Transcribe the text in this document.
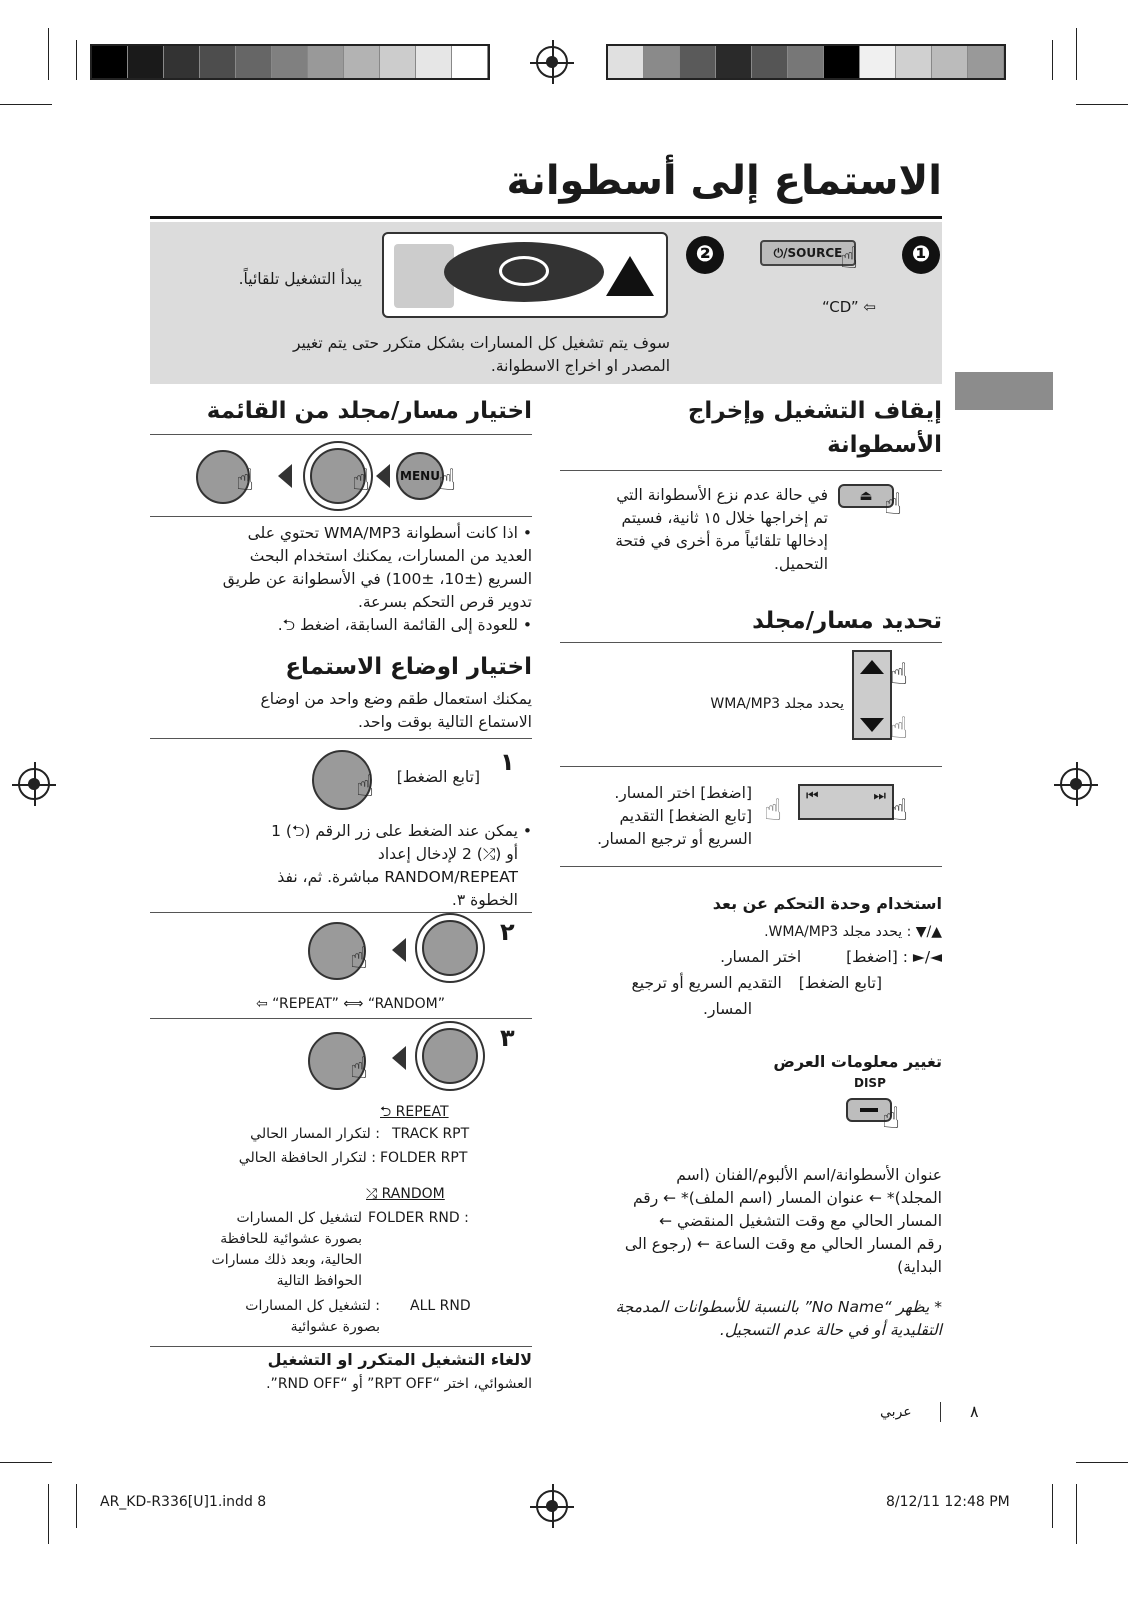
الاستماع إلى أسطوانة
❶
⏻/SOURCE
☝
“CD” ⇦
❷
يبدأ التشغيل تلقائياً.
سوف يتم تشغيل كل المسارات بشكل متكرر حتى يتم تغيير
المصدر او اخراج الاسطوانة.
إيقاف التشغيل وإخراج
الأسطوانة
⏏ ☝
في حالة عدم نزع الأسطوانة التي
تم إخراجها خلال ١٥ ثانية، فسيتم
إدخالها تلقائياً مرة أخرى في فتحة
التحميل.
تحديد مسار/مجلد
☝
☝
يحدد مجلد WMA/MP3
⏮	⏭
☝	☝
[اضغط] اختر المسار.
[تابع الضغط] التقديم
السريع أو ترجيع المسار.
استخدام وحدة التحكم عن بعد
▲/▼ : يحدد مجلد WMA/MP3.
◄/► : [اضغط] اختر المسار.
[تابع الضغط] التقديم السريع أو ترجيع
المسار.
تغيير معلومات العرض
DISP
☝
عنوان الأسطوانة/اسم الألبوم/الفنان (اسم
المجلد)* ← عنوان المسار (اسم الملف)* ← رقم
المسار الحالي مع وقت التشغيل المنقضي ←
رقم المسار الحالي مع وقت الساعة ← (رجوع الى
البداية)
* يظهر “No Name” بالنسبة للأسطوانات المدمجة
التقليدية أو في حالة عدم التسجيل.
اختيار مسار/مجلد من القائمة
☝	☝	MENU
☝
• اذا كانت أسطوانة WMA/MP3 تحتوي على
العديد من المسارات، يمكنك استخدام البحث
السريع (±10، ±100) في الأسطوانة عن طريق
تدوير قرص التحكم بسرعة.
• للعودة إلى القائمة السابقة، اضغط ⮌.
اختيار اوضاع الاستماع
يمكنك استعمال طقم وضع واحد من اوضاع
الاستماع التالية بوقت واحد.
١
☝	[تابع الضغط]
• يمكن عند الضغط على زر الرقم (⮌) 1
أو (⤮) 2 لإدخال إعداد
RANDOM/REPEAT مباشرة. ثم، نفذ
الخطوة ٣.
٢
☝
⇦ “REPEAT” ⟺ “RANDOM”
٣
☝
⮌ REPEAT
TRACK RPT
: لتكرار المسار الحالي
FOLDER RPT
: لتكرار الحافظة الحالي
⤮ RANDOM
FOLDER RND :
لتشغيل كل المسارات
بصورة عشوائية للحافظة
الحالية، وبعد ذلك مسارات
الحوافظ التالية
ALL RND
: لتشغيل كل المسارات
بصورة عشوائية
لالغاء التشغيل المتكرر او التشغيل
العشوائي، اختر “RPT OFF” أو “RND OFF”.
٨
عربي
AR_KD-R336[U]1.indd 8	8/12/11 12:48 PM
